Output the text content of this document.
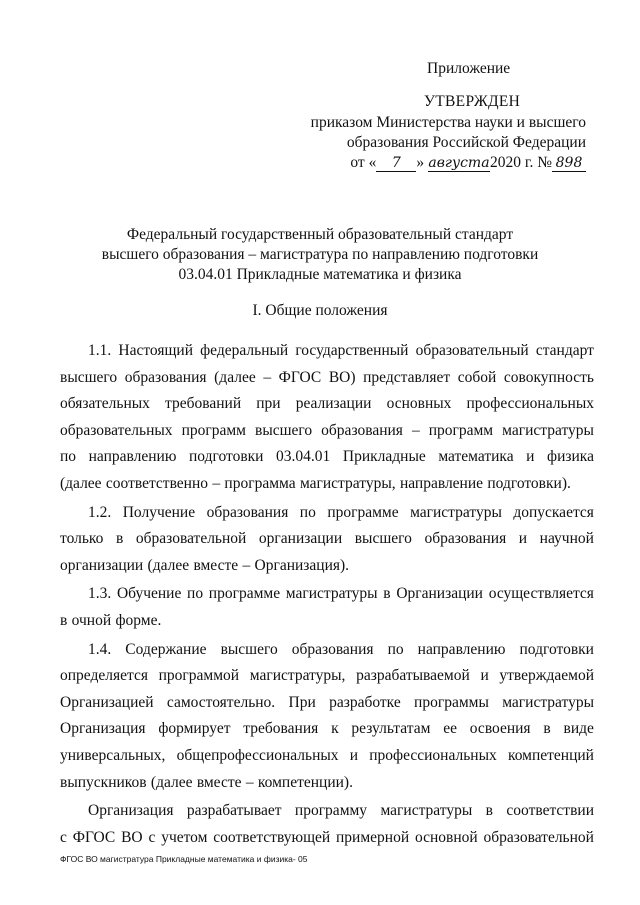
Приложение
УТВЕРЖДЕН
приказом Министерства науки и высшего
образования Российской Федерации
от « 7 » августа2020 г. № 898
Федеральный государственный образовательный стандарт
высшего образования – магистратура по направлению подготовки
03.04.01 Прикладные математика и физика
I. Общие положения
1.1. Настоящий федеральный государственный образовательный стандарт
высшего образования (далее – ФГОС ВО) представляет собой совокупность
обязательных требований при реализации основных профессиональных
образовательных программ высшего образования – программ магистратуры
по направлению подготовки 03.04.01 Прикладные математика и физика
(далее соответственно – программа магистратуры, направление подготовки).
1.2. Получение образования по программе магистратуры допускается
только в образовательной организации высшего образования и научной
организации (далее вместе – Организация).
1.3. Обучение по программе магистратуры в Организации осуществляется
в очной форме.
1.4. Содержание высшего образования по направлению подготовки
определяется программой магистратуры, разрабатываемой и утверждаемой
Организацией самостоятельно. При разработке программы магистратуры
Организация формирует требования к результатам ее освоения в виде
универсальных, общепрофессиональных и профессиональных компетенций
выпускников (далее вместе – компетенции).
Организация разрабатывает программу магистратуры в соответствии
с ФГОС ВО с учетом соответствующей примерной основной образовательной
ФГОС ВО магистратура Прикладные математика и физика- 05
